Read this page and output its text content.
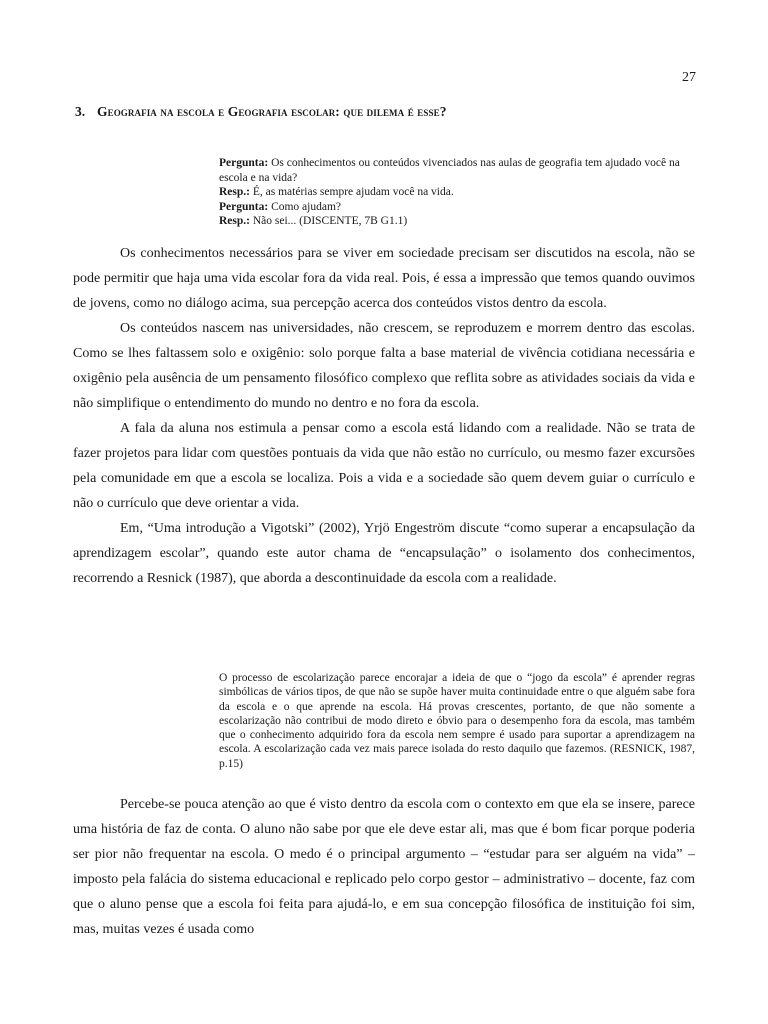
27
3. Geografia na escola e Geografia escolar: que dilema é esse?
Pergunta: Os conhecimentos ou conteúdos vivenciados nas aulas de geografia tem ajudado você na escola e na vida?
Resp.: É, as matérias sempre ajudam você na vida.
Pergunta: Como ajudam?
Resp.: Não sei... (DISCENTE, 7B G1.1)

Os conhecimentos necessários para se viver em sociedade precisam ser discutidos na escola, não se pode permitir que haja uma vida escolar fora da vida real. Pois, é essa a impressão que temos quando ouvimos de jovens, como no diálogo acima, sua percepção acerca dos conteúdos vistos dentro da escola.

Os conteúdos nascem nas universidades, não crescem, se reproduzem e morrem dentro das escolas. Como se lhes faltassem solo e oxigênio: solo porque falta a base material de vivência cotidiana necessária e oxigênio pela ausência de um pensamento filosófico complexo que reflita sobre as atividades sociais da vida e não simplifique o entendimento do mundo no dentro e no fora da escola.

A fala da aluna nos estimula a pensar como a escola está lidando com a realidade. Não se trata de fazer projetos para lidar com questões pontuais da vida que não estão no currículo, ou mesmo fazer excursões pela comunidade em que a escola se localiza. Pois a vida e a sociedade são quem devem guiar o currículo e não o currículo que deve orientar a vida.

Em, “Uma introdução a Vigotski” (2002), Yrjö Engeström discute “como superar a encapsulação da aprendizagem escolar”, quando este autor chama de “encapsulação” o isolamento dos conhecimentos, recorrendo a Resnick (1987), que aborda a descontinuidade da escola com a realidade.

O processo de escolarização parece encorajar a ideia de que o “jogo da escola” é aprender regras simbólicas de vários tipos, de que não se supõe haver muita continuidade entre o que alguém sabe fora da escola e o que aprende na escola. Há provas crescentes, portanto, de que não somente a escolarização não contribui de modo direto e óbvio para o desempenho fora da escola, mas também que o conhecimento adquirido fora da escola nem sempre é usado para suportar a aprendizagem na escola. A escolarização cada vez mais parece isolada do resto daquilo que fazemos. (RESNICK, 1987, p.15)

Percebe-se pouca atenção ao que é visto dentro da escola com o contexto em que ela se insere, parece uma história de faz de conta. O aluno não sabe por que ele deve estar ali, mas que é bom ficar porque poderia ser pior não frequentar na escola. O medo é o principal argumento – “estudar para ser alguém na vida” – imposto pela falácia do sistema educacional e replicado pelo corpo gestor – administrativo – docente, faz com que o aluno pense que a escola foi feita para ajudá-lo, e em sua concepção filosófica de instituição foi sim, mas, muitas vezes é usada como
